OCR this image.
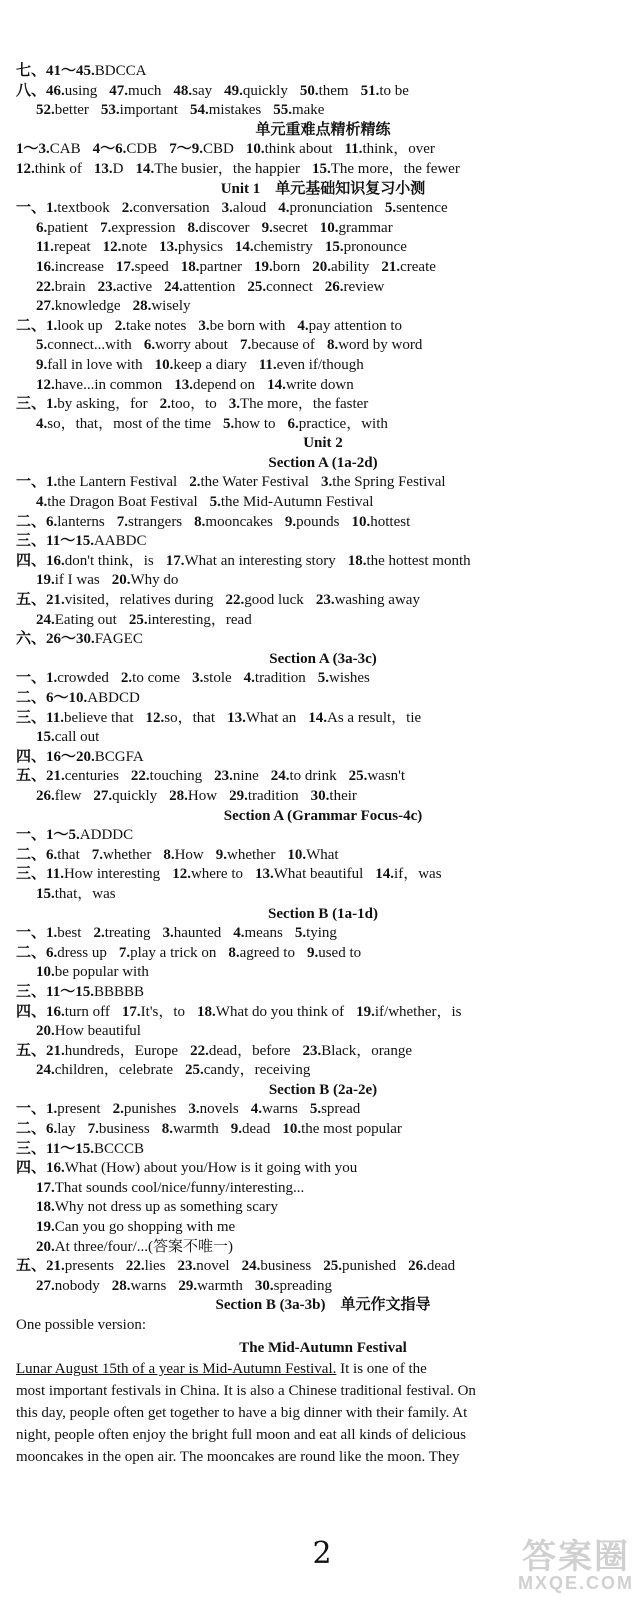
七、41～45.BDCCA
八、46.using 47.much 48.say 49.quickly 50.them 51.to be
52.better 53.important 54.mistakes 55.make
单元重难点精析精练
1～3.CAB 4～6.CDB 7～9.CBD 10.think about 11.think，over
12.think of 13.D 14.The busier，the happier 15.The more，the fewer
Unit 1　单元基础知识复习小测
一、1.textbook 2.conversation 3.aloud 4.pronunciation 5.sentence
6.patient 7.expression 8.discover 9.secret 10.grammar
11.repeat 12.note 13.physics 14.chemistry 15.pronounce
16.increase 17.speed 18.partner 19.born 20.ability 21.create
22.brain 23.active 24.attention 25.connect 26.review
27.knowledge 28.wisely
二、1.look up 2.take notes 3.be born with 4.pay attention to
5.connect...with 6.worry about 7.because of 8.word by word
9.fall in love with 10.keep a diary 11.even if/though
12.have...in common 13.depend on 14.write down
三、1.by asking，for 2.too，to 3.The more，the faster
4.so，that，most of the time 5.how to 6.practice，with
Unit 2
Section A (1a-2d)
一、1.the Lantern Festival 2.the Water Festival 3.the Spring Festival
4.the Dragon Boat Festival 5.the Mid-Autumn Festival
二、6.lanterns 7.strangers 8.mooncakes 9.pounds 10.hottest
三、11～15.AABDC
四、16.don't think，is 17.What an interesting story 18.the hottest month
19.if I was 20.Why do
五、21.visited，relatives during 22.good luck 23.washing away
24.Eating out 25.interesting，read
六、26～30.FAGEC
Section A (3a-3c)
一、1.crowded 2.to come 3.stole 4.tradition 5.wishes
二、6～10.ABDCD
三、11.believe that 12.so，that 13.What an 14.As a result，tie
15.call out
四、16～20.BCGFA
五、21.centuries 22.touching 23.nine 24.to drink 25.wasn't
26.flew 27.quickly 28.How 29.tradition 30.their
Section A (Grammar Focus-4c)
一、1～5.ADDDC
二、6.that 7.whether 8.How 9.whether 10.What
三、11.How interesting 12.where to 13.What beautiful 14.if，was
15.that，was
Section B (1a-1d)
一、1.best 2.treating 3.haunted 4.means 5.tying
二、6.dress up 7.play a trick on 8.agreed to 9.used to
10.be popular with
三、11～15.BBBBB
四、16.turn off 17.It's，to 18.What do you think of 19.if/whether，is
20.How beautiful
五、21.hundreds，Europe 22.dead，before 23.Black，orange
24.children，celebrate 25.candy，receiving
Section B (2a-2e)
一、1.present 2.punishes 3.novels 4.warns 5.spread
二、6.lay 7.business 8.warmth 9.dead 10.the most popular
三、11～15.BCCCB
四、16.What (How) about you/How is it going with you
17.That sounds cool/nice/funny/interesting...
18.Why not dress up as something scary
19.Can you go shopping with me
20.At three/four/...(答案不唯一)
五、21.presents 22.lies 23.novel 24.business 25.punished 26.dead
27.nobody 28.warns 29.warmth 30.spreading
Section B (3a-3b)　单元作文指导
One possible version:
The Mid-Autumn Festival
Lunar August 15th of a year is Mid-Autumn Festival. It is one of the
most important festivals in China. It is also a Chinese traditional festival. On
this day, people often get together to have a big dinner with their family. At
night, people often enjoy the bright full moon and eat all kinds of delicious
mooncakes in the open air. The mooncakes are round like the moon. They
2	答案圈
MXQE.COM
